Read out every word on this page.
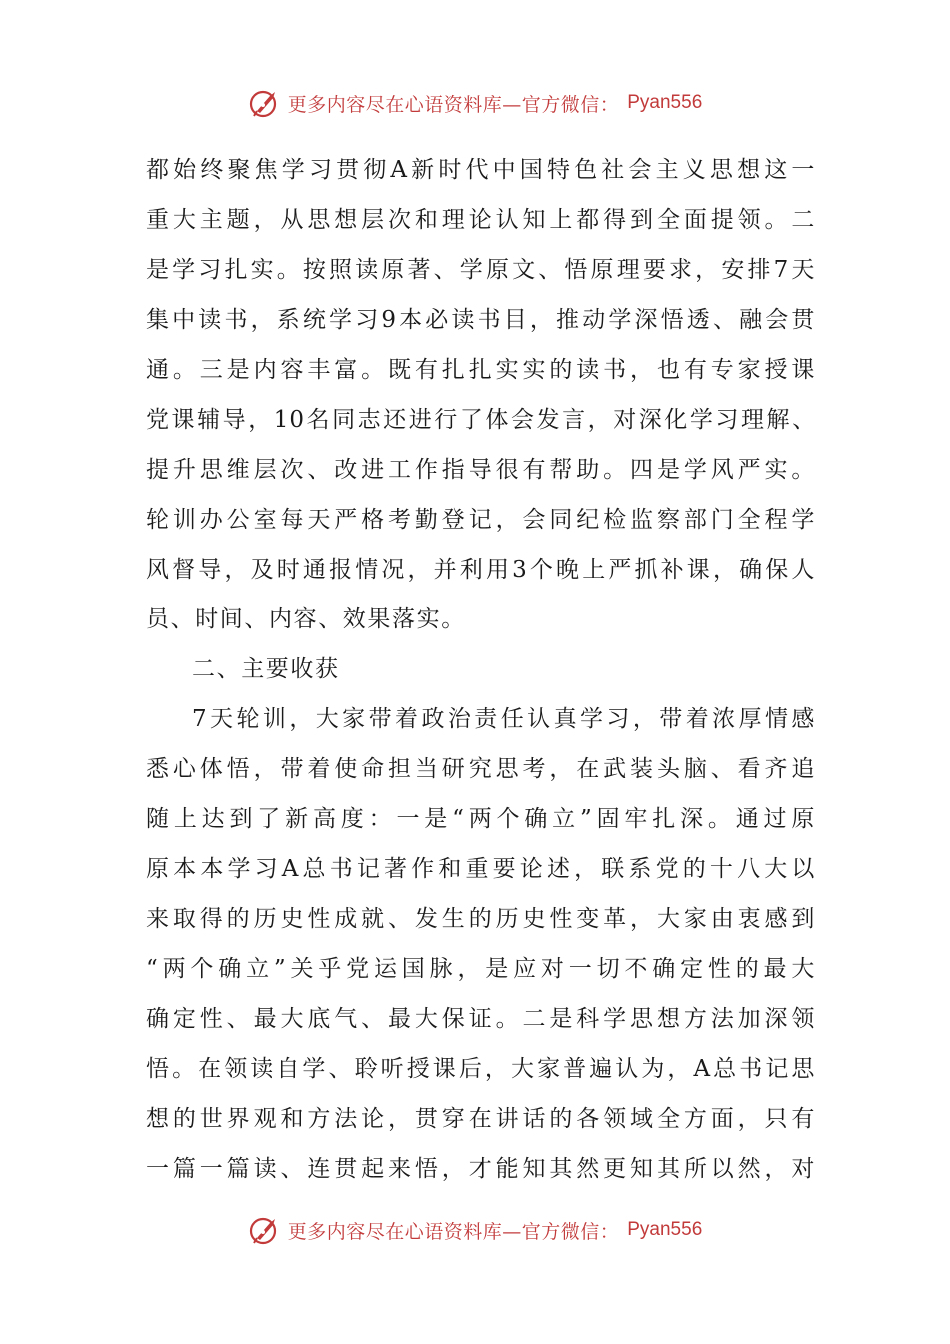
更多内容尽在心语资料库—官方微信： Pyan556
都始终聚焦学习贯彻A新时代中国特色社会主义思想这一
重大主题，从思想层次和理论认知上都得到全面提领。二
是学习扎实。按照读原著、学原文、悟原理要求，安排7天
集中读书，系统学习9本必读书目，推动学深悟透、融会贯
通。三是内容丰富。既有扎扎实实的读书，也有专家授课
党课辅导，10名同志还进行了体会发言，对深化学习理解、
提升思维层次、改进工作指导很有帮助。四是学风严实。
轮训办公室每天严格考勤登记，会同纪检监察部门全程学
风督导，及时通报情况，并利用3个晚上严抓补课，确保人
员、时间、内容、效果落实。
二、主要收获
7天轮训，大家带着政治责任认真学习，带着浓厚情感
悉心体悟，带着使命担当研究思考，在武装头脑、看齐追
随上达到了新高度：一是“两个确立”固牢扎深。通过原
原本本学习A总书记著作和重要论述，联系党的十八大以
来取得的历史性成就、发生的历史性变革，大家由衷感到
“两个确立”关乎党运国脉，是应对一切不确定性的最大
确定性、最大底气、最大保证。二是科学思想方法加深领
悟。在领读自学、聆听授课后，大家普遍认为，A总书记思
想的世界观和方法论，贯穿在讲话的各领域全方面，只有
一篇一篇读、连贯起来悟，才能知其然更知其所以然，对
更多内容尽在心语资料库—官方微信： Pyan556
